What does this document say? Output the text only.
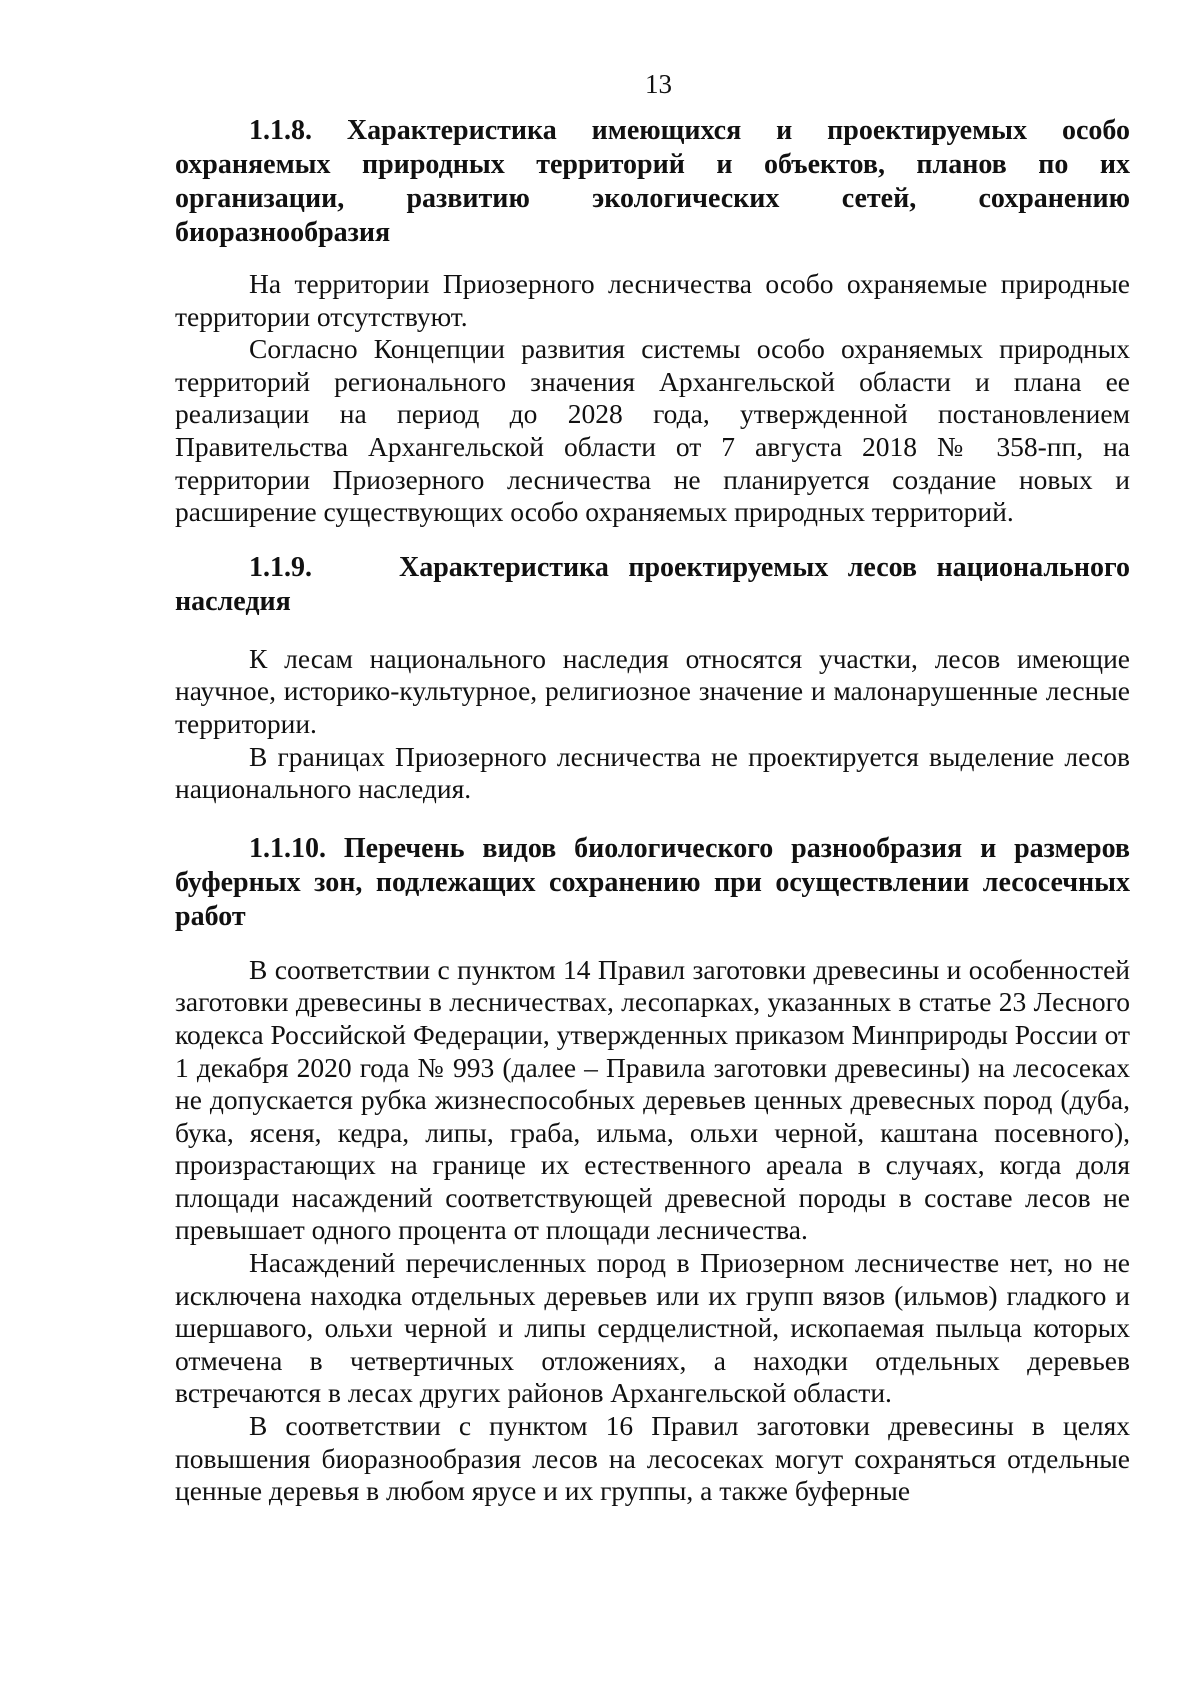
13

1.1.8. Характеристика имеющихся и проектируемых особо охраняемых природных территорий и объектов, планов по их организации, развитию экологических сетей, сохранению биоразнообразия

На территории Приозерного лесничества особо охраняемые природные территории отсутствуют.

Согласно Концепции развития системы особо охраняемых природных территорий регионального значения Архангельской области и плана ее реализации на период до 2028 года, утвержденной постановлением Правительства Архангельской области от 7 августа 2018 № 358-пп, на территории Приозерного лесничества не планируется создание новых и расширение существующих особо охраняемых природных территорий.

1.1.9.	Характеристика проектируемых лесов национального наследия

К лесам национального наследия относятся участки, лесов имеющие научное, историко-культурное, религиозное значение и малонарушенные лесные территории.

В границах Приозерного лесничества не проектируется выделение лесов национального наследия.

1.1.10. Перечень видов биологического разнообразия и размеров буферных зон, подлежащих сохранению при осуществлении лесосечных работ

В соответствии с пунктом 14 Правил заготовки древесины и особенностей заготовки древесины в лесничествах, лесопарках, указанных в статье 23 Лесного кодекса Российской Федерации, утвержденных приказом Минприроды России от 1 декабря 2020 года № 993 (далее – Правила заготовки древесины) на лесосеках не допускается рубка жизнеспособных деревьев ценных древесных пород (дуба, бука, ясеня, кедра, липы, граба, ильма, ольхи черной, каштана посевного), произрастающих на границе их естественного ареала в случаях, когда доля площади насаждений соответствующей древесной породы в составе лесов не превышает одного процента от площади лесничества.

Насаждений перечисленных пород в Приозерном лесничестве нет, но не исключена находка отдельных деревьев или их групп вязов (ильмов) гладкого и шершавого, ольхи черной и липы сердцелистной, ископаемая пыльца которых отмечена в четвертичных отложениях, а находки отдельных деревьев встречаются в лесах других районов Архангельской области.

В соответствии с пунктом 16 Правил заготовки древесины в целях повышения биоразнообразия лесов на лесосеках могут сохраняться отдельные ценные деревья в любом ярусе и их группы, а также буферные
